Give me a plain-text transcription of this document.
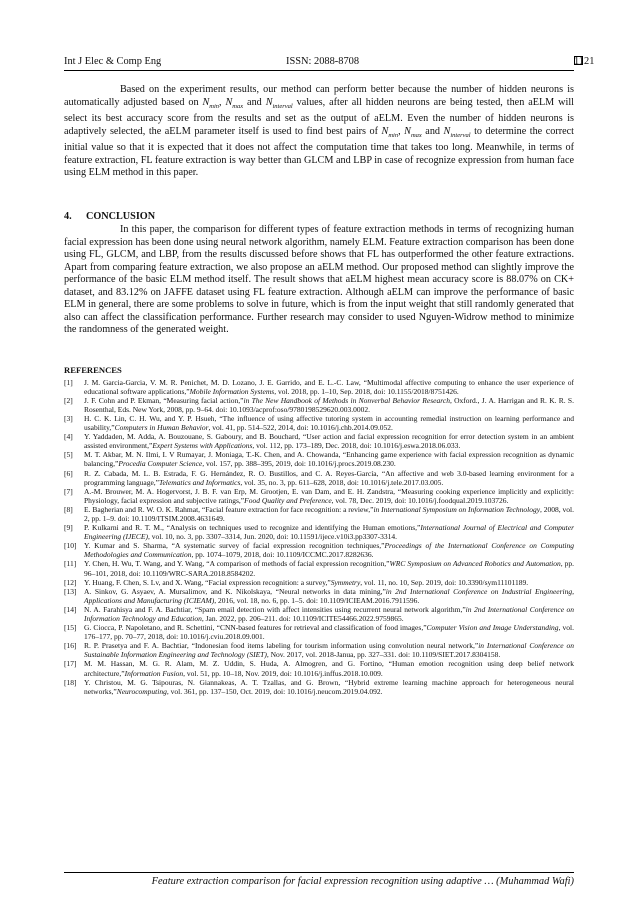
Int J Elec & Comp Eng	ISSN: 2088-8708	1121

Based on the experiment results, our method can perform better because the number of hidden neurons is automatically adjusted based on $N_{min}$, $N_{max}$ and $N_{interval}$ values, after all hidden neurons are being tested, then aELM will select its best accuracy score from the results and set as the output of aELM. Even the number of hidden neurons is adaptively selected, the aELM parameter itself is used to find best pairs of $N_{min}$, $N_{max}$ and $N_{interval}$ to determine the correct initial value so that it is expected that it does not affect the computation time that takes too long. Meanwhile, in terms of feature extraction, FL feature extraction is way better than GLCM and LBP in case of recognize expression from human face using ELM method in this paper.

4. CONCLUSION

In this paper, the comparison for different types of feature extraction methods in terms of recognizing human facial expression has been done using neural network algorithm, namely ELM. Feature extraction comparison has been done using FL, GLCM, and LBP, from the results discussed before shows that FL has outperformed the other feature extractions. Apart from comparing feature extraction, we also propose an aELM method. Our proposed method can slightly improve the performance of the basic ELM method itself. The result shows that aELM highest mean accuracy score is 88.07% on CK+ dataset, and 83.12% on JAFFE dataset using FL feature extraction. Although aELM can improve the performance of basic ELM in general, there are some problems to solve in future, which is from the input weight that still randomly generated that also can affect the classification performance. Further research may consider to used Nguyen-Widrow method to minimize the randomness of the generated weight.

REFERENCES
[1] J. M. Garcia-Garcia, V. M. R. Penichet, M. D. Lozano, J. E. Garrido, and E. L.-C. Law, “ Multimodal affective computing to enhance the user experience of educational software applications ,” Mobile Information Systems, vol. 2018, pp. 1–10, Sep. 2018, doi: 10.1155/2018/8751426.
[2] J. F. Cohn and P. Ekman, “ Measuring facial action ,” in The New Handbook of Methods in Nonverbal Behavior Research, Oxford., J. A. Harrigan and R. K. R. S. Rosenthal, Eds. New York, 2008, pp. 9–64. doi: 10.1093/acprof:oso/9780198529620.003.0002.
[3] H. C. K. Lin, C. H. Wu, and Y. P. Hsueh, “ The influence of using affective tutoring system in accounting remedial instruction on learning performance and usability ,” Computers in Human Behavior, vol. 41, pp. 514–522, 2014, doi: 10.1016/j.chb.2014.09.052.
[4] Y. Yaddaden, M. Adda, A. Bouzouane, S. Gaboury, and B. Bouchard, “ User action and facial expression recognition for error detection system in an ambient assisted environment ,” Expert Systems with Applications, vol. 112, pp. 173–189, Dec. 2018, doi: 10.1016/j.eswa.2018.06.033.
[5] M. T. Akbar, M. N. Ilmi, I. V Rumayar, J. Moniaga, T.-K. Chen, and A. Chowanda, “ Enhancing game experience with facial expression recognition as dynamic balancing ,” Procedia Computer Science, vol. 157, pp. 388–395, 2019, doi: 10.1016/j.procs.2019.08.230.
[6] R. Z. Cabada, M. L. B. Estrada, F. G. Hernández, R. O. Bustillos, and C. A. Reyes-García, “ An affective and web 3.0-based learning environment for a programming language ,” Telematics and Informatics, vol. 35, no. 3, pp. 611–628, 2018, doi: 10.1016/j.tele.2017.03.005.
[7] A.-M. Brouwer, M. A. Hogervorst, J. B. F. van Erp, M. Grootjen, E. van Dam, and E. H. Zandstra, “ Measuring cooking experience implicitly and explicitly: Physiology, facial expression and subjective ratings ,” Food Quality and Preference, vol. 78, Dec. 2019, doi: 10.1016/j.foodqual.2019.103726.
[8] E. Bagherian and R. W. O. K. Rahmat, “ Facial feature extraction for face recognition: a review ,” in International Symposium on Information Technology, 2008, vol. 2, pp. 1–9. doi: 10.1109/ITSIM.2008.4631649.
[9] P. Kulkarni and R. T. M., “ Analysis on techniques used to recognize and identifying the Human emotions ,” International Journal of Electrical and Computer Engineering (IJECE), vol. 10, no. 3, pp. 3307–3314, Jun. 2020, doi: 10.11591/ijece.v10i3.pp3307-3314.
[10] Y. Kumar and S. Sharma, “ A systematic survey of facial expression recognition techniques ,” Proceedings of the International Conference on Computing Methodologies and Communication, pp. 1074–1079, 2018, doi: 10.1109/ICCMC.2017.8282636.
[11] Y. Chen, H. Wu, T. Wang, and Y. Wang, “ A comparison of methods of facial expression recognition ,” WRC Symposium on Advanced Robotics and Automation, pp. 96–101, 2018, doi: 10.1109/WRC-SARA.2018.8584202.
[12] Y. Huang, F. Chen, S. Lv, and X. Wang, “ Facial expression recognition: a survey ,” Symmetry, vol. 11, no. 10, Sep. 2019, doi: 10.3390/sym11101189.
[13] A. Sinkov, G. Asyaev, A. Mursalimov, and K. Nikolskaya, “ Neural networks in data mining ,” in 2nd International Conference on Industrial Engineering, Applications and Manufacturing (ICIEAM), 2016, vol. 18, no. 6, pp. 1–5. doi: 10.1109/ICIEAM.2016.7911596.
[14] N. A. Farahisya and F. A. Bachtiar, “ Spam email detection with affect intensities using recurrent neural network algorithm ,” in 2nd International Conference on Information Technology and Education, Jan. 2022, pp. 206–211. doi: 10.1109/ICITE54466.2022.9759865.
[15] G. Ciocca, P. Napoletano, and R. Schettini, “ CNN-based features for retrieval and classification of food images ,” Computer Vision and Image Understanding, vol. 176–177, pp. 70–77, 2018, doi: 10.1016/j.cviu.2018.09.001.
[16] R. P. Prasetya and F. A. Bachtiar, “ Indonesian food items labeling for tourism information using convolution neural network ,” in International Conference on Sustainable Information Engineering and Technology (SIET), Nov. 2017, vol. 2018-Janua, pp. 327–331. doi: 10.1109/SIET.2017.8304158.
[17] M. M. Hassan, M. G. R. Alam, M. Z. Uddin, S. Huda, A. Almogren, and G. Fortino, “ Human emotion recognition using deep belief network architecture ,” Information Fusion, vol. 51, pp. 10–18, Nov. 2019, doi: 10.1016/j.inffus.2018.10.009.
[18] Y. Christou, M. G. Tsipouras, N. Giannakeas, A. T. Tzallas, and G. Brown, “ Hybrid extreme learning machine approach for heterogeneous neural networks ,” Neurocomputing, vol. 361, pp. 137–150, Oct. 2019, doi: 10.1016/j.neucom.2019.04.092.
Feature extraction comparison for facial expression recognition using adaptive … (Muhammad Wafi)
